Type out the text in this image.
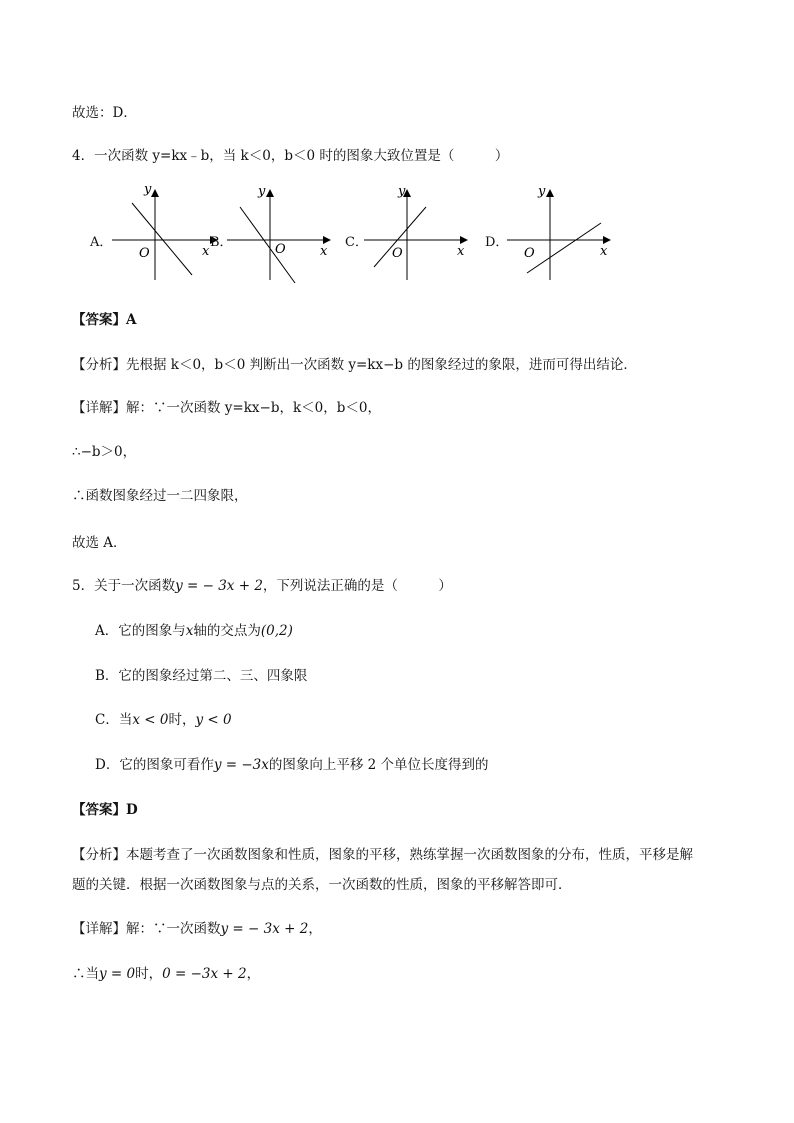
故选：D．
4．一次函数 y=kx﹣b，当 k＜0，b＜0 时的图象大致位置是（　　　）
A．
y
x
O
B．
y
x
O	C．
y
x
O
D．
y
x
O
【答案】A
【分析】先根据 k＜0，b＜0 判断出一次函数 y=kx−b 的图象经过的象限，进而可得出结论．
【详解】解：∵一次函数 y=kx−b，k＜0，b＜0，
∴−b＞0，
∴函数图象经过一二四象限，
故选 A．
5．关于一次函数y = − 3x + 2，下列说法正确的是（　　　）
A．它的图象与x轴的交点为(0,2)
B．它的图象经过第二、三、四象限
C．当x < 0时，y < 0
D．它的图象可看作y = −3x的图象向上平移 2 个单位长度得到的
【答案】D
【分析】本题考查了一次函数图象和性质，图象的平移，熟练掌握一次函数图象的分布，性质，平移是解
题的关键．根据一次函数图象与点的关系，一次函数的性质，图象的平移解答即可．
【详解】解：∵一次函数y = − 3x + 2，
∴当y = 0时，0 = −3x + 2，
